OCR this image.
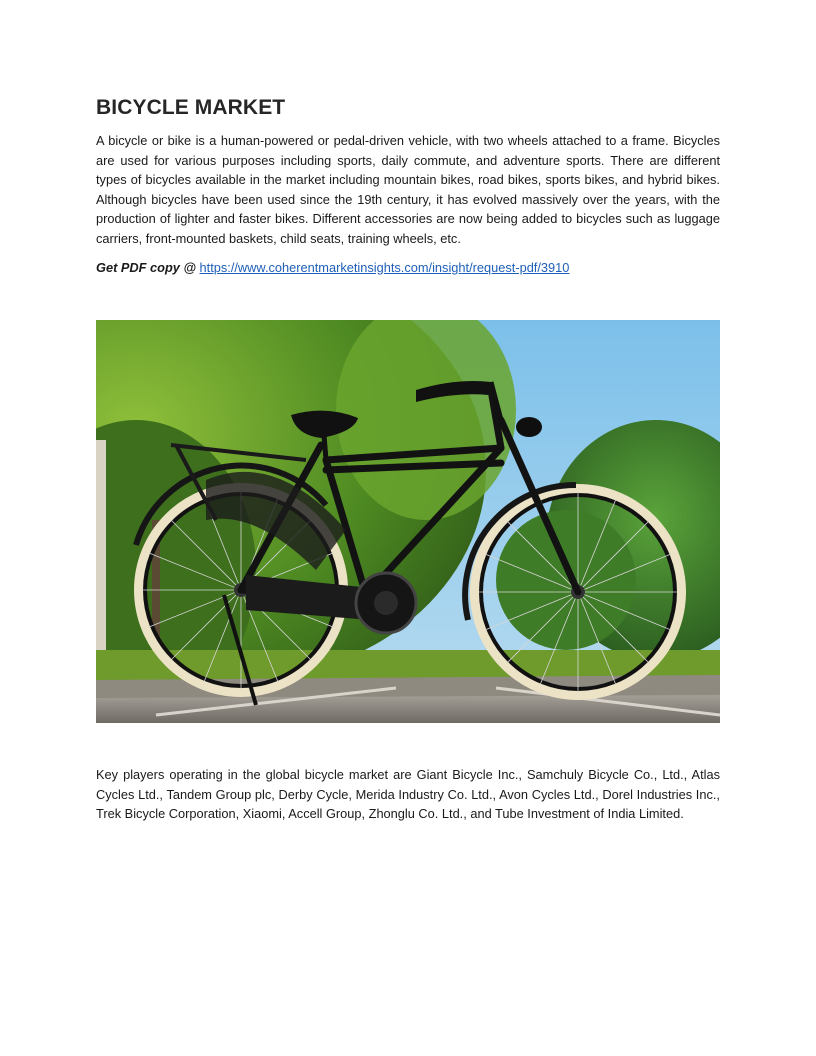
BICYCLE MARKET

A bicycle or bike is a human-powered or pedal-driven vehicle, with two wheels attached to a frame. Bicycles are used for various purposes including sports, daily commute, and adventure sports. There are different types of bicycles available in the market including mountain bikes, road bikes, sports bikes, and hybrid bikes. Although bicycles have been used since the 19th century, it has evolved massively over the years, with the production of lighter and faster bikes. Different accessories are now being added to bicycles such as luggage carriers, front-mounted baskets, child seats, training wheels, etc.

Get PDF copy @ https://www.coherentmarketinsights.com/insight/request-pdf/3910

Key players operating in the global bicycle market are Giant Bicycle Inc., Samchuly Bicycle Co., Ltd., Atlas Cycles Ltd., Tandem Group plc, Derby Cycle, Merida Industry Co. Ltd., Avon Cycles Ltd., Dorel Industries Inc., Trek Bicycle Corporation, Xiaomi, Accell Group, Zhonglu Co. Ltd., and Tube Investment of India Limited.
